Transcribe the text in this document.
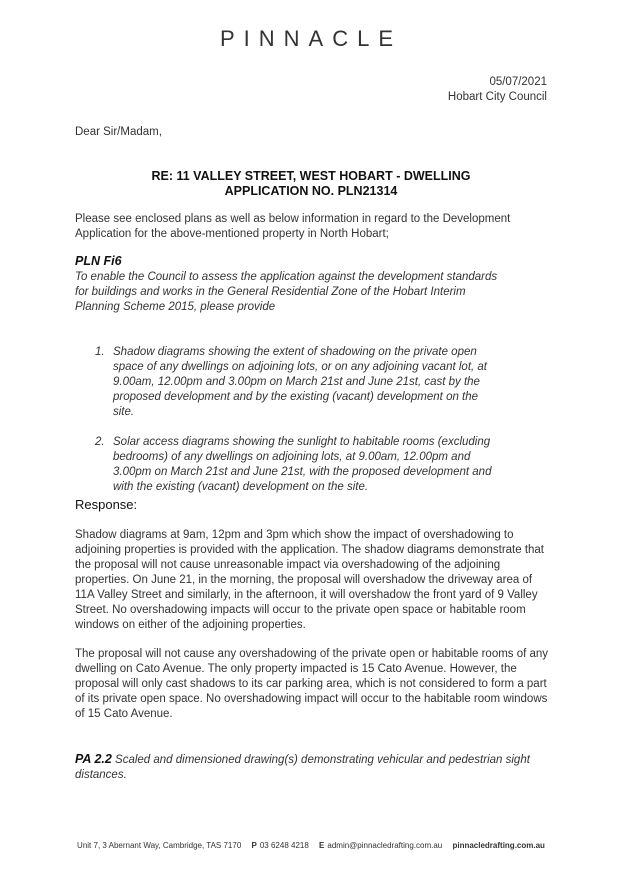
PINNACLE
05/07/2021
Hobart City Council
Dear Sir/Madam,
RE: 11 VALLEY STREET, WEST HOBART - DWELLING
APPLICATION NO. PLN21314
Please see enclosed plans as well as below information in regard to the Development Application for the above-mentioned property in North Hobart;
PLN Fi6
To enable the Council to assess the application against the development standards for buildings and works in the General Residential Zone of the Hobart Interim Planning Scheme 2015, please provide
1. Shadow diagrams showing the extent of shadowing on the private open space of any dwellings on adjoining lots, or on any adjoining vacant lot, at 9.00am, 12.00pm and 3.00pm on March 21st and June 21st, cast by the proposed development and by the existing (vacant) development on the site.
2. Solar access diagrams showing the sunlight to habitable rooms (excluding bedrooms) of any dwellings on adjoining lots, at 9.00am, 12.00pm and 3.00pm on March 21st and June 21st, with the proposed development and with the existing (vacant) development on the site.
Response:
Shadow diagrams at 9am, 12pm and 3pm which show the impact of overshadowing to adjoining properties is provided with the application. The shadow diagrams demonstrate that the proposal will not cause unreasonable impact via overshadowing of the adjoining properties. On June 21, in the morning, the proposal will overshadow the driveway area of 11A Valley Street and similarly, in the afternoon, it will overshadow the front yard of 9 Valley Street. No overshadowing impacts will occur to the private open space or habitable room windows on either of the adjoining properties.
The proposal will not cause any overshadowing of the private open or habitable rooms of any dwelling on Cato Avenue. The only property impacted is 15 Cato Avenue. However, the proposal will only cast shadows to its car parking area, which is not considered to form a part of its private open space. No overshadowing impact will occur to the habitable room windows of 15 Cato Avenue.
PA 2.2 Scaled and dimensioned drawing(s) demonstrating vehicular and pedestrian sight distances.
Unit 7, 3 Abernant Way, Cambridge, TAS 7170 P 03 6248 4218 E admin@pinnacledrafting.com.au pinnacledrafting.com.au
